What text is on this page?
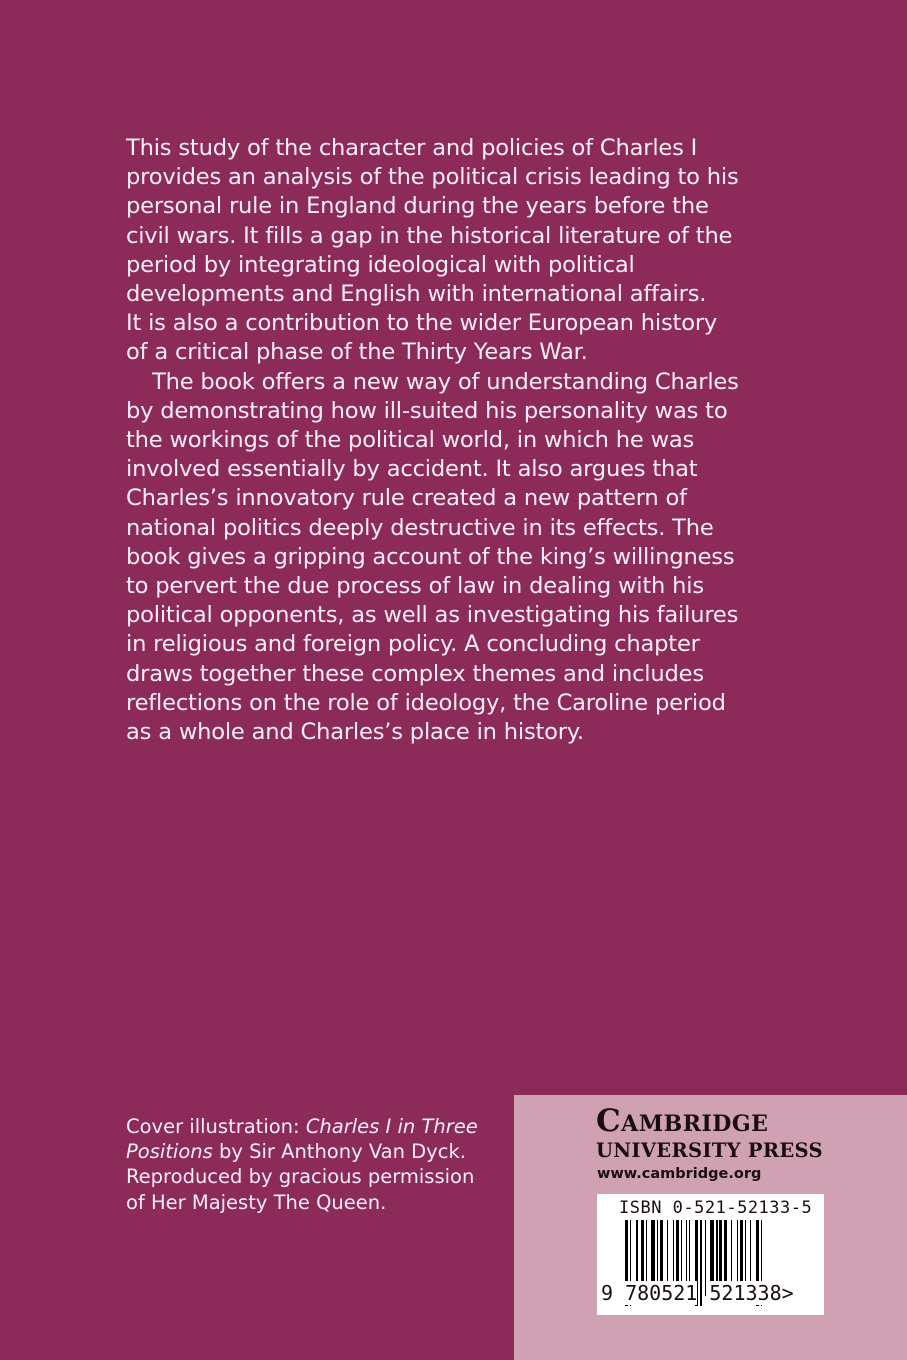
This study of the character and policies of Charles I
provides an analysis of the political crisis leading to his
personal rule in England during the years before the
civil wars. It fills a gap in the historical literature of the
period by integrating ideological with political
developments and English with international affairs.
It is also a contribution to the wider European history
of a critical phase of the Thirty Years War.
The book offers a new way of understanding Charles
by demonstrating how ill-suited his personality was to
the workings of the political world, in which he was
involved essentially by accident. It also argues that
Charles’s innovatory rule created a new pattern of
national politics deeply destructive in its effects. The
book gives a gripping account of the king’s willingness
to pervert the due process of law in dealing with his
political opponents, as well as investigating his failures
in religious and foreign policy. A concluding chapter
draws together these complex themes and includes
reflections on the role of ideology, the Caroline period
as a whole and Charles’s place in history.
Cover illustration: Charles I in Three
Positions by Sir Anthony Van Dyck.
Reproduced by gracious permission
of Her Majesty The Queen.
Cambridge
UNIVERSITY PRESS
www.cambridge.org
ISBN 0-521-52133-5
9 780521 521338>
